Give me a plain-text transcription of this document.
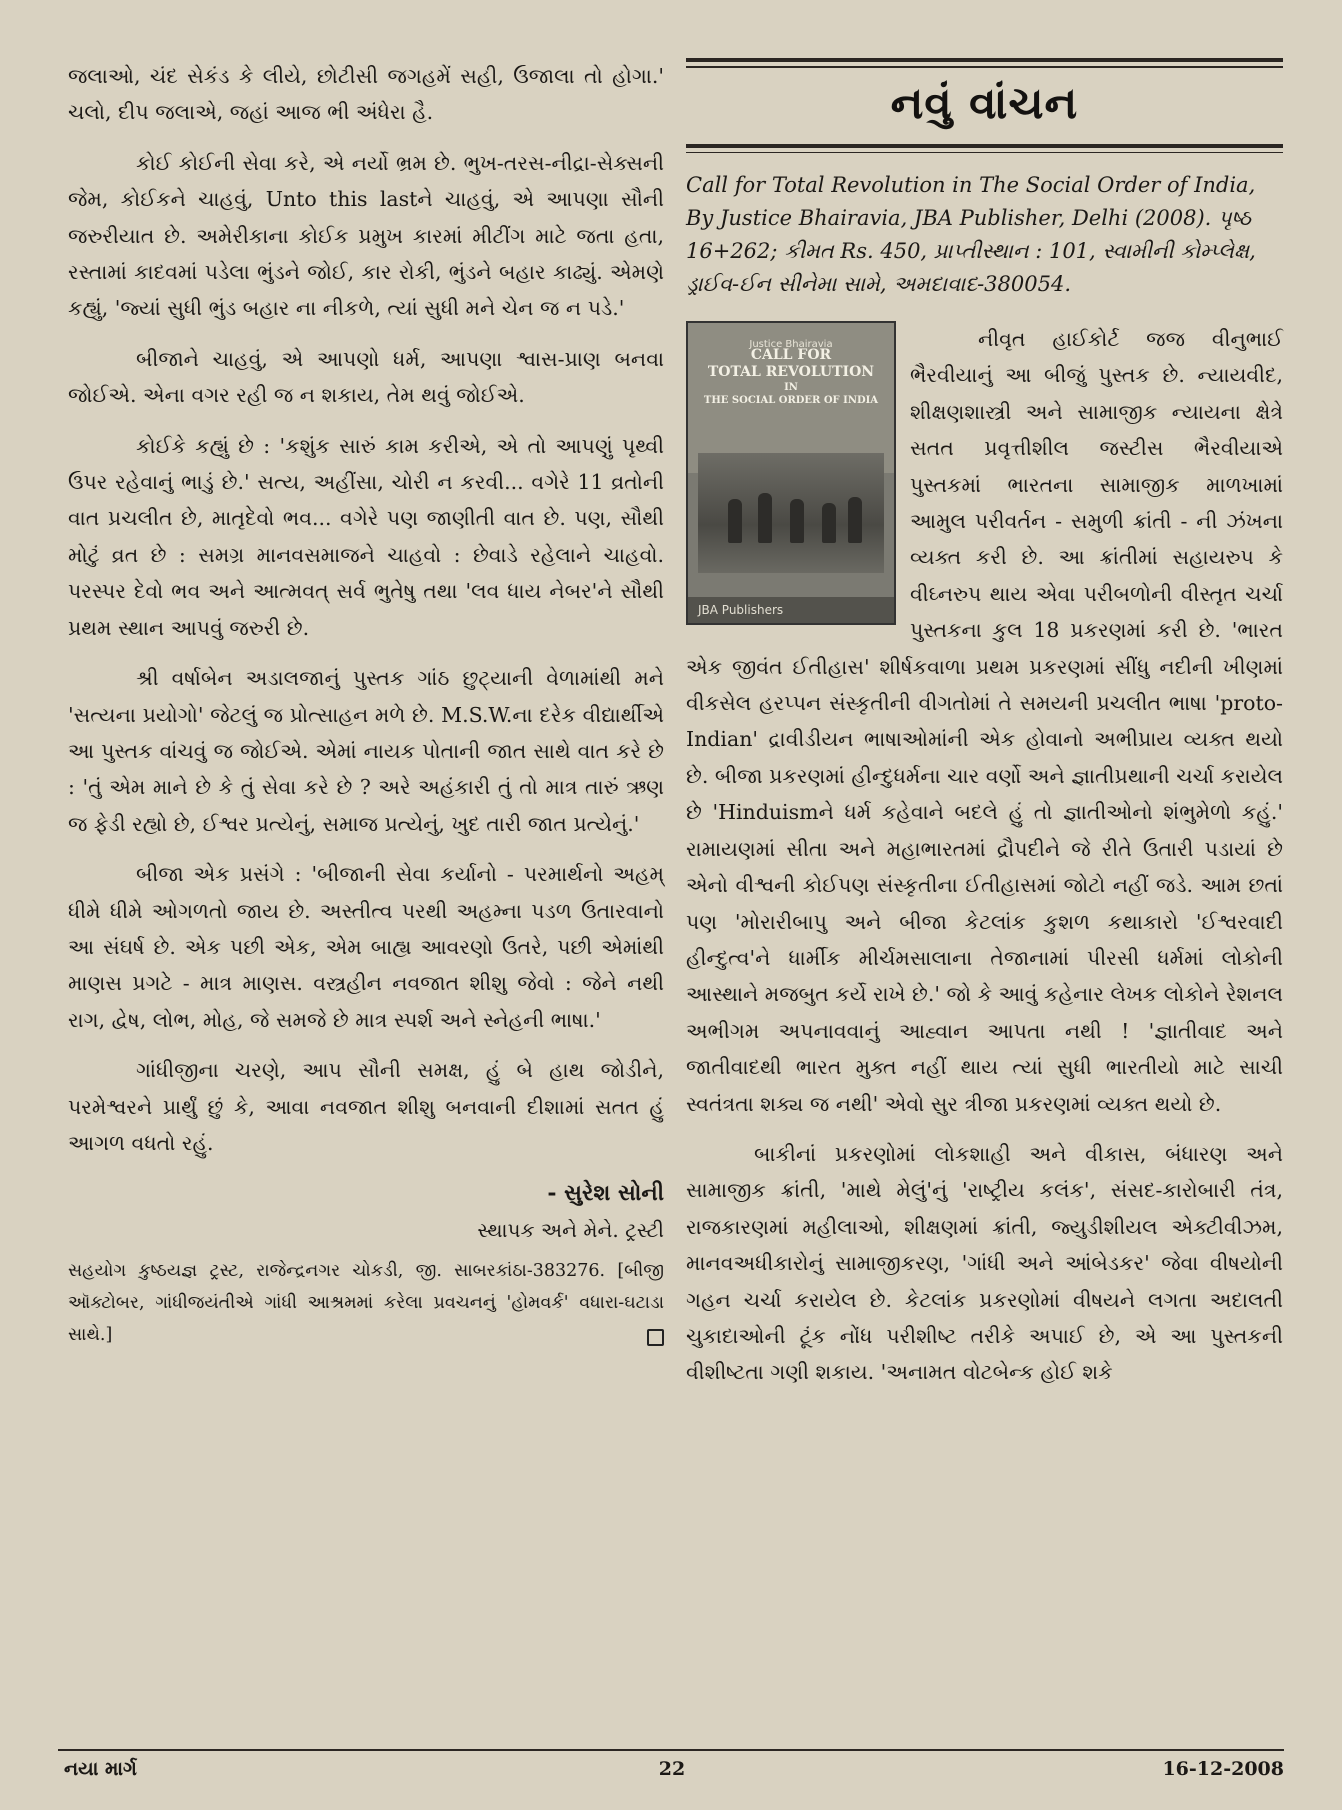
જલાઓ, ચંદ સેકંડ કે લીયે, છોટીસી જગહમેં સહી, ઉજાલા તો હોગા.' ચલો, દીપ જલાએ, જહાં આજ ભી અંધેરા હૈ.

કોઈ કોઈની સેવા કરે, એ નર્યો ભ્રમ છે. ભુખ-તરસ-નીદ્રા-સેક્સની જેમ, કોઈકને ચાહવું, Unto this lastને ચાહવું, એ આપણા સૌની જરુરીયાત છે. અમેરીકાના કોઈક પ્રમુખ કારમાં મીટીંગ માટે જતા હતા, રસ્તામાં કાદવમાં પડેલા ભુંડને જોઈ, કાર રોકી, ભુંડને બહાર કાઢ્યું. એમણે કહ્યું, 'જ્યાં સુધી ભુંડ બહાર ના નીકળે, ત્યાં સુધી મને ચેન જ ન પડે.'

બીજાને ચાહવું, એ આપણો ધર્મ, આપણા શ્વાસ-પ્રાણ બનવા જોઈએ. એના વગર રહી જ ન શકાય, તેમ થવું જોઈએ.

કોઈકે કહ્યું છે : 'કશુંક સારું કામ કરીએ, એ તો આપણું પૃથ્વી ઉપર રહેવાનું ભાડું છે.' સત્ય, અહીંસા, ચોરી ન કરવી... વગેરે 11 વ્રતોની વાત પ્રચલીત છે, માતૃદેવો ભવ... વગેરે પણ જાણીતી વાત છે. પણ, સૌથી મોટું વ્રત છે : સમગ્ર માનવસમાજને ચાહવો : છેવાડે રહેલાને ચાહવો. પરસ્પર દેવો ભવ અને આત્મવત્ સર્વ ભુતેષુ તથા 'લવ ધાય નેબર'ને સૌથી પ્રથમ સ્થાન આપવું જરુરી છે.

શ્રી વર્ષાબેન અડાલજાનું પુસ્તક ગાંઠ છુટ્યાની વેળામાંથી મને 'સત્યના પ્રયોગો' જેટલું જ પ્રોત્સાહન મળે છે. M.S.W.ના દરેક વીદ્યાર્થીએ આ પુસ્તક વાંચવું જ જોઈએ. એમાં નાયક પોતાની જાત સાથે વાત કરે છે : 'તું એમ માને છે કે તું સેવા કરે છે ? અરે અહંકારી તું તો માત્ર તારું ઋણ જ ફેડી રહ્યો છે, ઈશ્વર પ્રત્યેનું, સમાજ પ્રત્યેનું, ખુદ તારી જાત પ્રત્યેનું.'

બીજા એક પ્રસંગે : 'બીજાની સેવા કર્યાનો - પરમાર્થનો અહમ્ ધીમે ધીમે ઓગળતો જાય છે. અસ્તીત્વ પરથી અહમ્ના પડળ ઉતારવાનો આ સંઘર્ષ છે. એક પછી એક, એમ બાહ્ય આવરણો ઉતરે, પછી એમાંથી માણસ પ્રગટે - માત્ર માણસ. વસ્ત્રહીન નવજાત શીશુ જેવો : જેને નથી રાગ, દ્વેષ, લોભ, મોહ, જે સમજે છે માત્ર સ્પર્શ અને સ્નેહની ભાષા.'

ગાંધીજીના ચરણે, આપ સૌની સમક્ષ, હું બે હાથ જોડીને, પરમેશ્વરને પ્રાર્થું છું કે, આવા નવજાત શીશુ બનવાની દીશામાં સતત હું આગળ વધતો રહું.

- સુરેશ સોની
સ્થાપક અને મેને. ટ્રસ્ટી

સહયોગ કુષ્ઠયજ્ઞ ટ્રસ્ટ, રાજેન્દ્રનગર ચોકડી, જી. સાબરકાંઠા-383276. [બીજી ઑક્ટોબર, ગાંધીજયંતીએ ગાંધી આશ્રમમાં કરેલા પ્રવચનનું 'હોમવર્ક' વધારા-ઘટાડા સાથે.]

નવું વાંચન
Call for Total Revolution in The Social Order of India, By Justice Bhairavia, JBA Publisher, Delhi (2008). પૃષ્ઠ 16+262; કીમત Rs. 450, પ્રાપ્તીસ્થાન : 101, સ્વામીની કોમ્પ્લેક્ષ, ડ્રાઈવ-ઈન સીનેમા સામે, અમદાવાદ-380054.
Justice Bhairavia
CALL FOR
TOTAL REVOLUTION

IN
THE SOCIAL ORDER OF INDIA
JBA Publishers

નીવૃત હાઈકોર્ટ જજ વીનુભાઈ ભૈરવીયાનું આ બીજું પુસ્તક છે. ન્યાયવીદ, શીક્ષણશાસ્ત્રી અને સામાજીક ન્યાયના ક્ષેત્રે સતત પ્રવૃત્તીશીલ જસ્ટીસ ભૈરવીયાએ પુસ્તકમાં ભારતના સામાજીક માળખામાં આમુલ પરીવર્તન - સમુળી ક્રાંતી - ની ઝંખના વ્યક્ત કરી છે. આ ક્રાંતીમાં સહાયરુપ કે વીઘ્નરુપ થાય એવા પરીબળોની વીસ્તૃત ચર્ચા પુસ્તકના કુલ 18 પ્રકરણમાં કરી છે. 'ભારત એક જીવંત ઈતીહાસ' શીર્ષકવાળા પ્રથમ પ્રકરણમાં સીંધુ નદીની ખીણમાં વીકસેલ હરપ્પન સંસ્કૃતીની વીગતોમાં તે સમયની પ્રચલીત ભાષા 'proto-Indian' દ્રાવીડીયન ભાષાઓમાંની એક હોવાનો અભીપ્રાય વ્યક્ત થયો છે. બીજા પ્રકરણમાં હીન્દુધર્મના ચાર વર્ણો અને જ્ઞાતીપ્રથાની ચર્ચા કરાયેલ છે 'Hinduismને ધર્મ કહેવાને બદલે હું તો જ્ઞાતીઓનો શંભુમેળો કહું.' રામાયણમાં સીતા અને મહાભારતમાં દ્રૌપદીને જે રીતે ઉતારી પડાયાં છે એનો વીશ્વની કોઈપણ સંસ્કૃતીના ઈતીહાસમાં જોટો નહીં જડે. આમ છતાં પણ 'મોરારીબાપુ અને બીજા કેટલાંક કુશળ કથાકારો 'ઈશ્વરવાદી હીન્દુત્વ'ને ધાર્મીક મીર્ચમસાલાના તેજાનામાં પીરસી ધર્મમાં લોકોની આસ્થાને મજબુત કર્યે રાખે છે.' જો કે આવું કહેનાર લેખક લોકોને રેશનલ અભીગમ અપનાવવાનું આહ્વાન આપતા નથી ! 'જ્ઞાતીવાદ અને જાતીવાદથી ભારત મુક્ત નહીં થાય ત્યાં સુધી ભારતીયો માટે સાચી સ્વતંત્રતા શક્ય જ નથી' એવો સુર ત્રીજા પ્રકરણમાં વ્યક્ત થયો છે.

બાકીનાં પ્રકરણોમાં લોકશાહી અને વીકાસ, બંધારણ અને સામાજીક ક્રાંતી, 'માથે મેલું'નું 'રાષ્ટ્રીય કલંક', સંસદ-કારોબારી તંત્ર, રાજકારણમાં મહીલાઓ, શીક્ષણમાં ક્રાંતી, જ્યુડીશીયલ એક્ટીવીઝમ, માનવઅધીકારોનું સામાજીકરણ, 'ગાંધી અને આંબેડકર' જેવા વીષયોની ગહન ચર્ચા કરાયેલ છે. કેટલાંક પ્રકરણોમાં વીષયને લગતા અદાલતી ચુકાદાઓની ટૂંક નોંધ પરીશીષ્ટ તરીકે અપાઈ છે, એ આ પુસ્તકની વીશીષ્ટતા ગણી શકાય. 'અનામત વોટબેન્ક હોઈ શકે

નયા માર્ગ	22	16-12-2008
